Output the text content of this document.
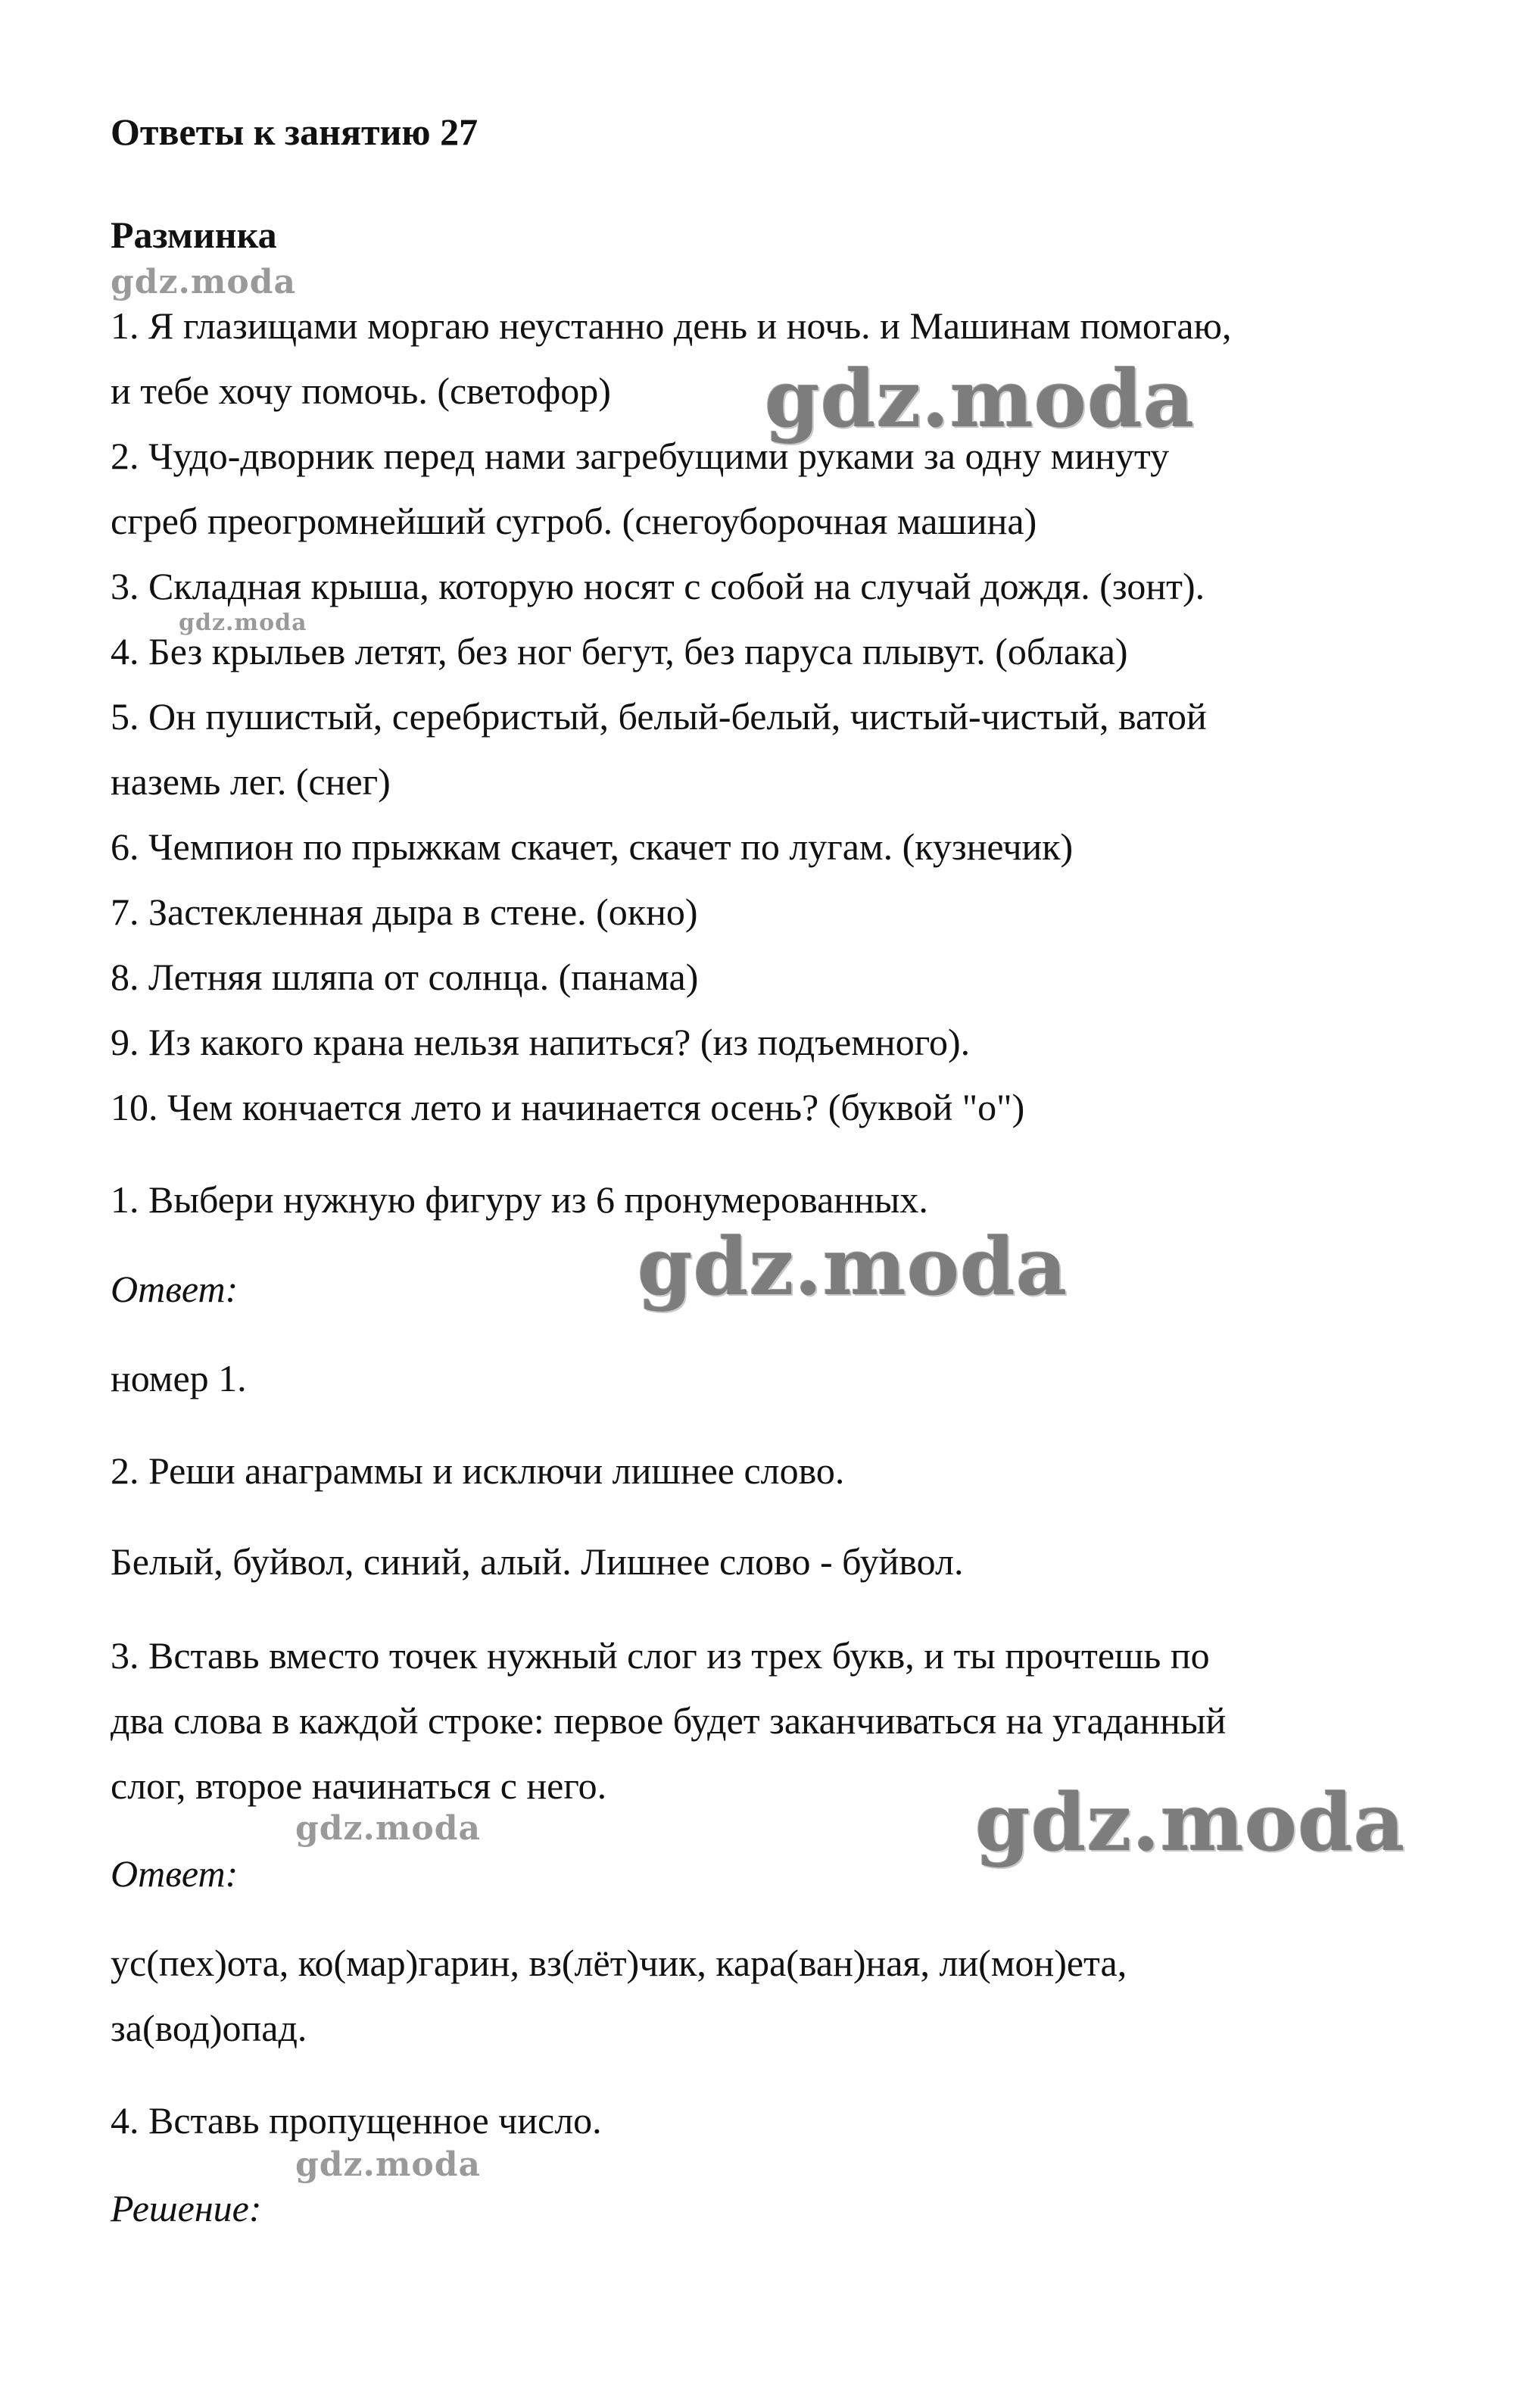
Ответы к занятию 27
Разминка
1. Я глазищами моргаю неустанно день и ночь. и Машинам помогаю,
и тебе хочу помочь. (светофор)
2. Чудо-дворник перед нами загребущими руками за одну минуту
сгреб преогромнейший сугроб. (снегоуборочная машина)
3. Складная крыша, которую носят с собой на случай дождя. (зонт).
4. Без крыльев летят, без ног бегут, без паруса плывут. (облака)
5. Он пушистый, серебристый, белый-белый, чистый-чистый, ватой
наземь лег. (снег)
6. Чемпион по прыжкам скачет, скачет по лугам. (кузнечик)
7. Застекленная дыра в стене. (окно)
8. Летняя шляпа от солнца. (панама)
9. Из какого крана нельзя напиться? (из подъемного).
10. Чем кончается лето и начинается осень? (буквой "о")
1. Выбери нужную фигуру из 6 пронумерованных.
Ответ:
номер 1.
2. Реши анаграммы и исключи лишнее слово.
Белый, буйвол, синий, алый. Лишнее слово - буйвол.
3. Вставь вместо точек нужный слог из трех букв, и ты прочтешь по
два слова в каждой строке: первое будет заканчиваться на угаданный
слог, второе начинаться с него.
Ответ:
ус(пех)ота, ко(мар)гарин, вз(лёт)чик, кара(ван)ная, ли(мон)ета,
за(вод)опад.
4. Вставь пропущенное число.
Решение:
gdz.moda
gdz.moda
gdz.moda
gdz.moda
gdz.moda
gdz.moda
gdz.moda
